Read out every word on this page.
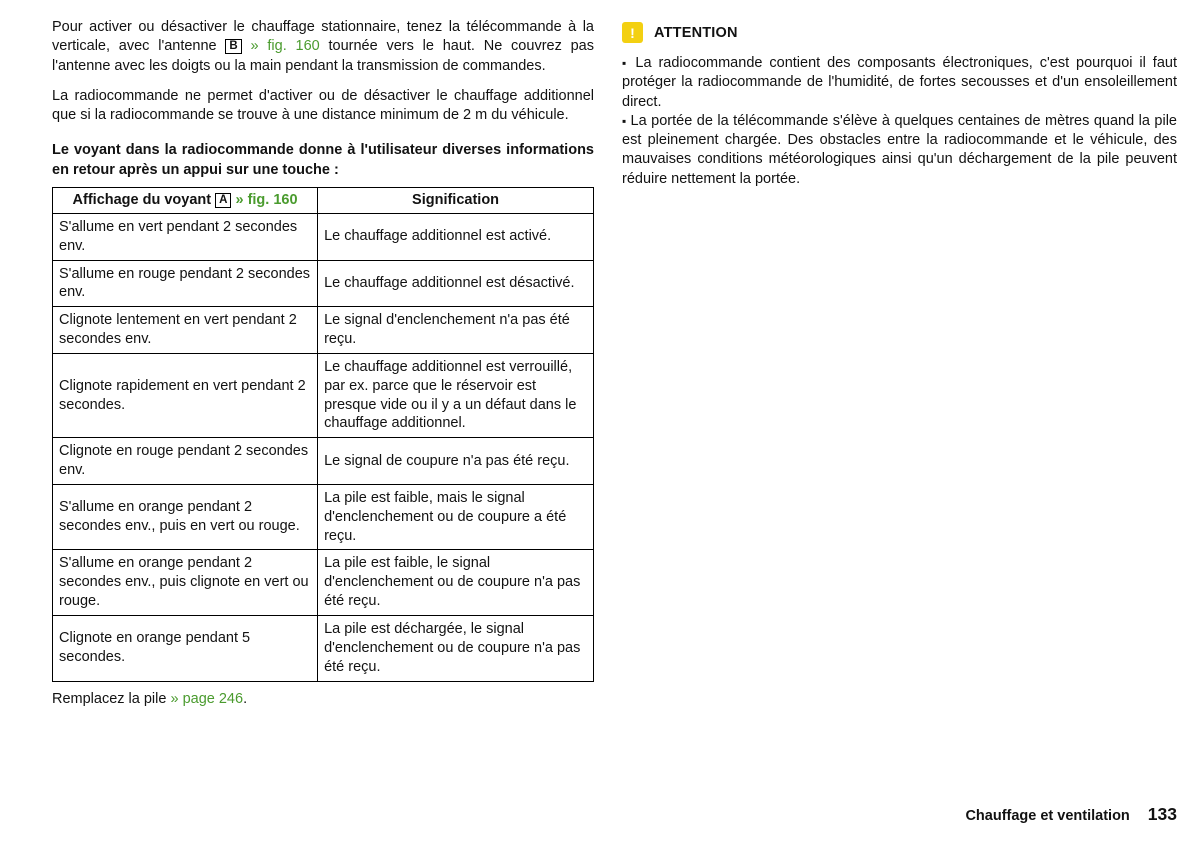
Pour activer ou désactiver le chauffage stationnaire, tenez la télécommande à la verticale, avec l'antenne B » fig. 160 tournée vers le haut. Ne couvrez pas l'antenne avec les doigts ou la main pendant la transmission de commandes.

La radiocommande ne permet d'activer ou de désactiver le chauffage additionnel que si la radiocommande se trouve à une distance minimum de 2 m du véhicule.

Le voyant dans la radiocommande donne à l'utilisateur diverses informations en retour après un appui sur une touche :

Affichage du voyant A » fig. 160	Signification
S'allume en vert pendant 2 secondes env.	Le chauffage additionnel est activé.
S'allume en rouge pendant 2 secondes env.	Le chauffage additionnel est désactivé.
Clignote lentement en vert pendant 2 secondes env.	Le signal d'enclenchement n'a pas été reçu.
Clignote rapidement en vert pendant 2 secondes.	Le chauffage additionnel est verrouillé, par ex. parce que le réservoir est presque vide ou il y a un défaut dans le chauffage additionnel.
Clignote en rouge pendant 2 secondes env.	Le signal de coupure n'a pas été reçu.
S'allume en orange pendant 2 secondes env., puis en vert ou rouge.	La pile est faible, mais le signal d'enclenchement ou de coupure a été reçu.
S'allume en orange pendant 2 secondes env., puis clignote en vert ou rouge.	La pile est faible, le signal d'enclenchement ou de coupure n'a pas été reçu.
Clignote en orange pendant 5 secondes.	La pile est déchargée, le signal d'enclenchement ou de coupure n'a pas été reçu.

Remplacez la pile » page 246.

! ATTENTION
▪ La radiocommande contient des composants électroniques, c'est pourquoi il faut protéger la radiocommande de l'humidité, de fortes secousses et d'un ensoleillement direct.
▪ La portée de la télécommande s'élève à quelques centaines de mètres quand la pile est pleinement chargée. Des obstacles entre la radiocommande et le véhicule, des mauvaises conditions météorologiques ainsi qu'un déchargement de la pile peuvent réduire nettement la portée.
Chauffage et ventilation 133
